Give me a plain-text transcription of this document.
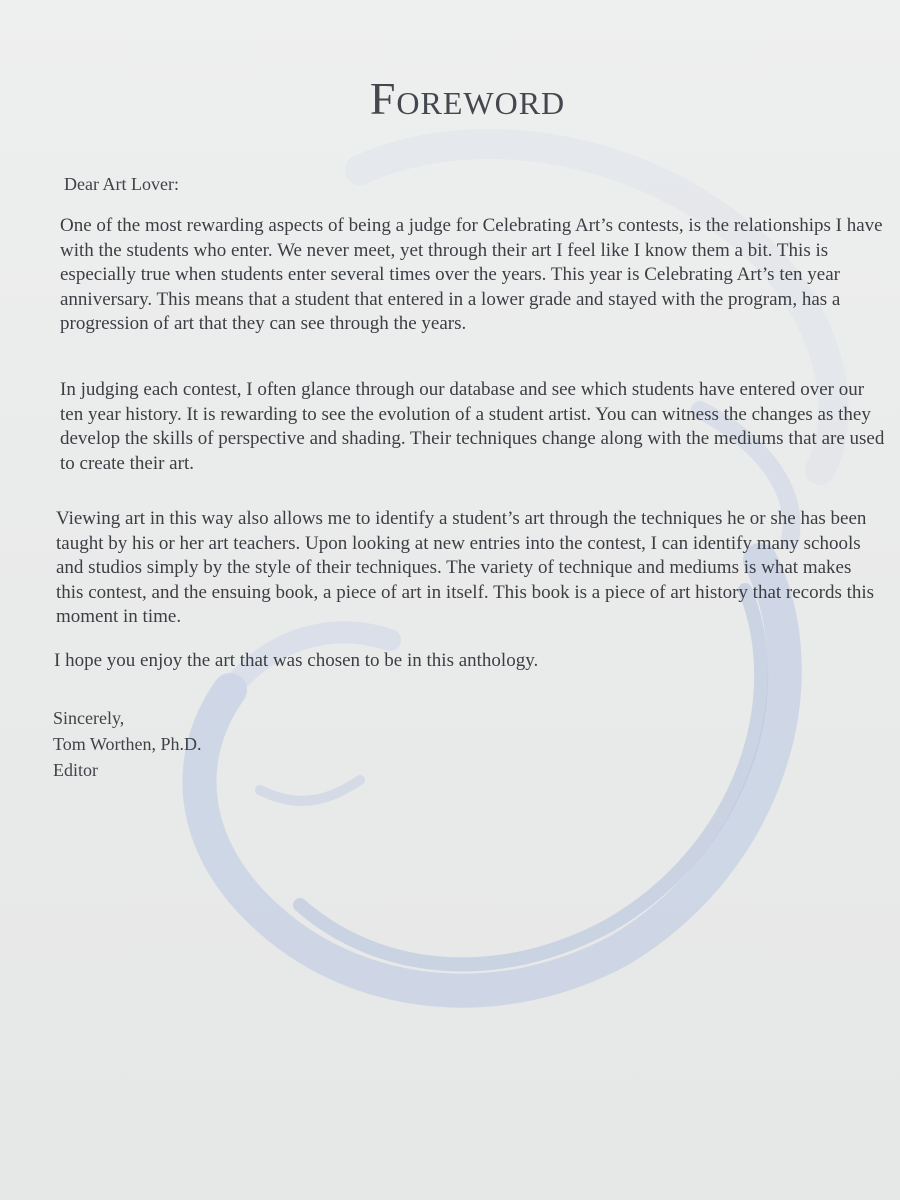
Foreword

Dear Art Lover:

One of the most rewarding aspects of being a judge for Celebrating Art’s contests, is the relationships I have with the students who enter. We never meet, yet through their art I feel like I know them a bit. This is especially true when students enter several times over the years. This year is Celebrating Art’s ten year anniversary. This means that a student that entered in a lower grade and stayed with the program, has a progression of art that they can see through the years.

In judging each contest, I often glance through our database and see which students have entered over our ten year history. It is rewarding to see the evolution of a student artist. You can witness the changes as they develop the skills of perspective and shading. Their techniques change along with the mediums that are used to create their art.

Viewing art in this way also allows me to identify a student’s art through the techniques he or she has been taught by his or her art teachers. Upon looking at new entries into the contest, I can identify many schools and studios simply by the style of their techniques. The variety of technique and mediums is what makes this contest, and the ensuing book, a piece of art in itself. This book is a piece of art history that records this moment in time.

I hope you enjoy the art that was chosen to be in this anthology.

Sincerely,
Tom Worthen, Ph.D.
Editor
